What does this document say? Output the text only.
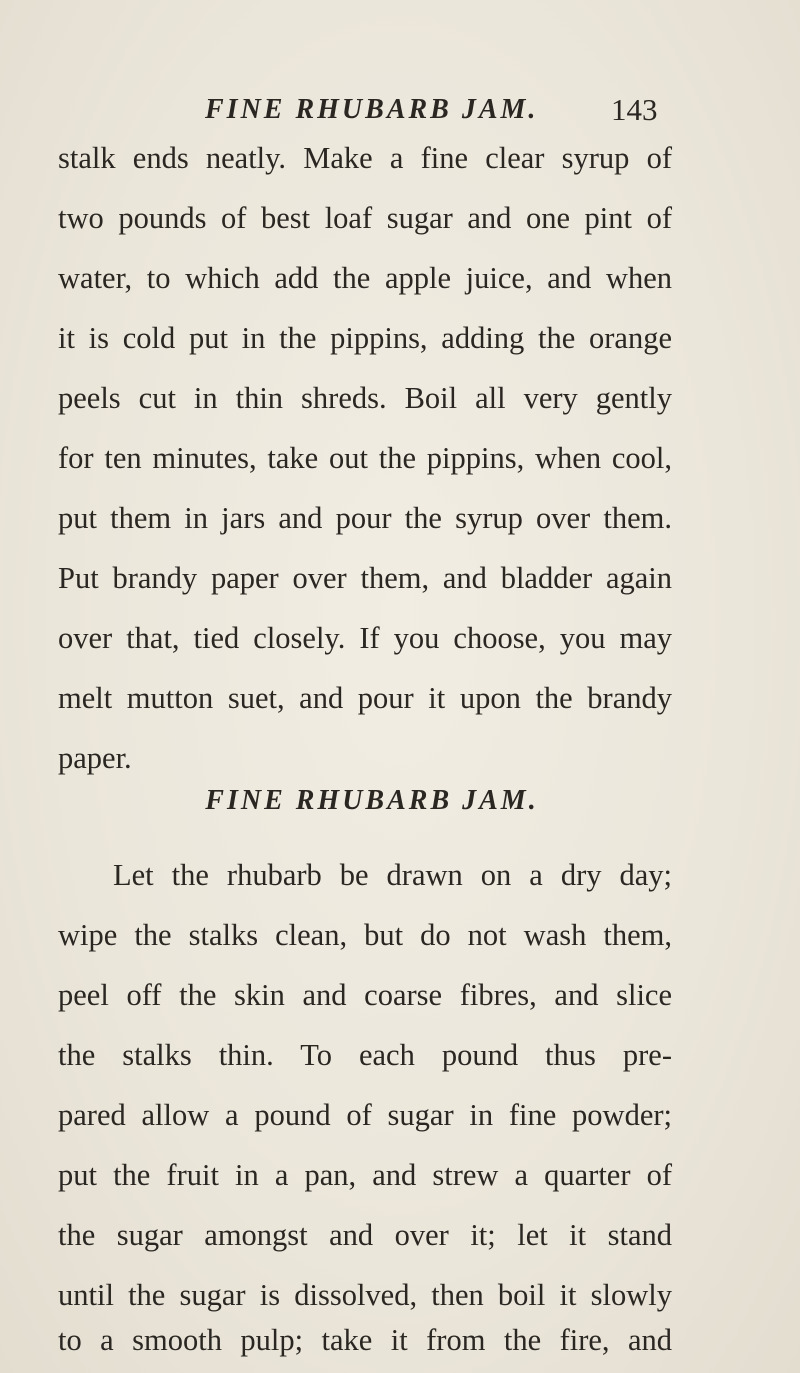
FINE RHUBARB JAM. 143
stalk ends neatly. Make a fine clear syrup of
two pounds of best loaf sugar and one pint of
water, to which add the apple juice, and when
it is cold put in the pippins, adding the orange
peels cut in thin shreds. Boil all very gently
for ten minutes, take out the pippins, when cool,
put them in jars and pour the syrup over them.
Put brandy paper over them, and bladder again
over that, tied closely. If you choose, you may
melt mutton suet, and pour it upon the brandy
paper.
FINE RHUBARB JAM.
Let the rhubarb be drawn on a dry day;
wipe the stalks clean, but do not wash them,
peel off the skin and coarse fibres, and slice
the stalks thin. To each pound thus pre-
pared allow a pound of sugar in fine powder;
put the fruit in a pan, and strew a quarter of
the sugar amongst and over it; let it stand
until the sugar is dissolved, then boil it slowly
to a smooth pulp; take it from the fire, and
